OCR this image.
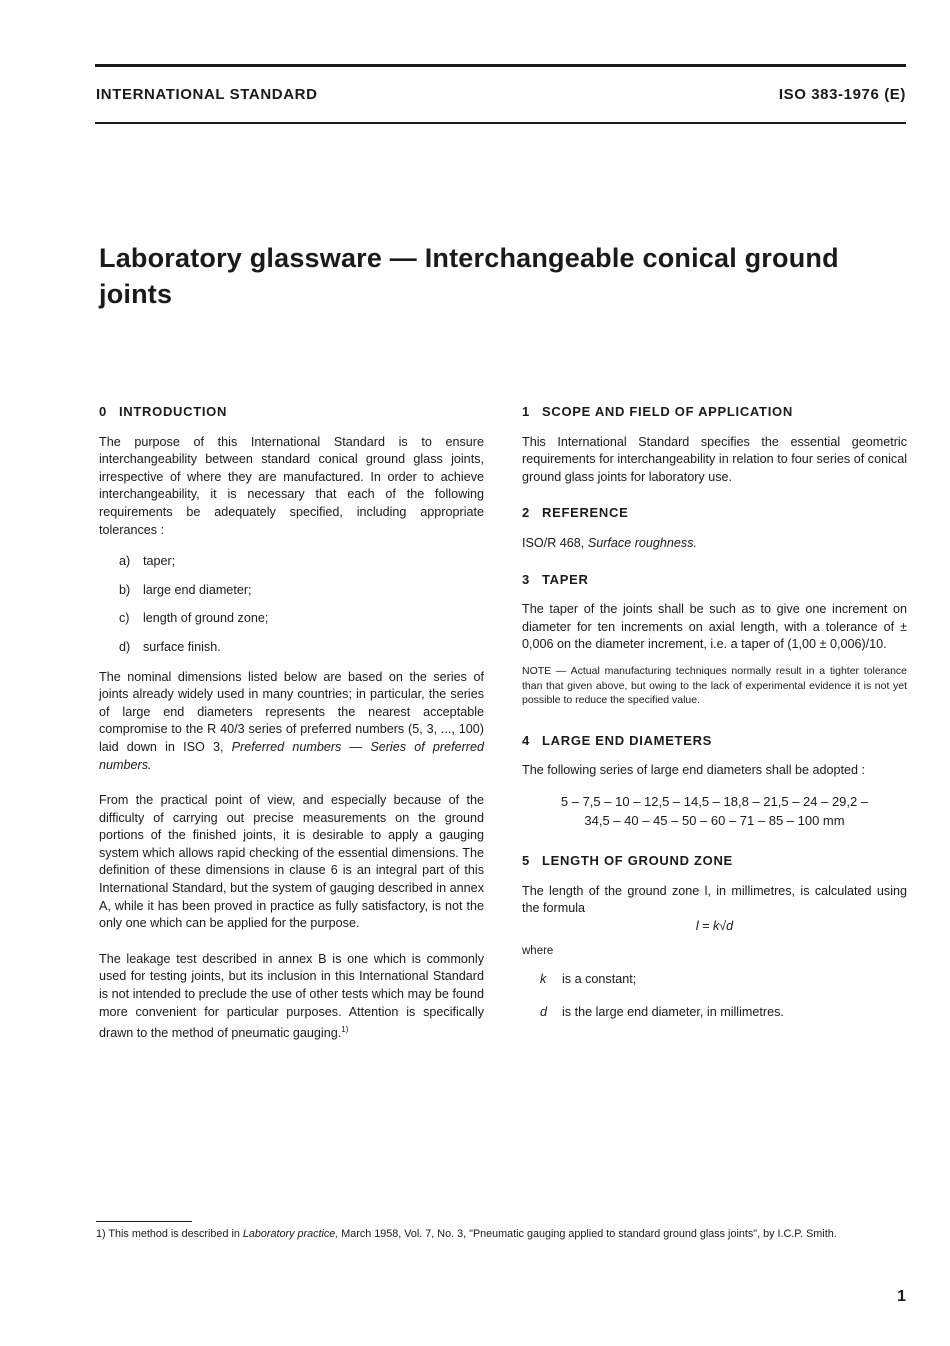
INTERNATIONAL STANDARD	ISO 383-1976 (E)
Laboratory glassware — Interchangeable conical ground joints
0 INTRODUCTION

The purpose of this International Standard is to ensure interchangeability between standard conical ground glass joints, irrespective of where they are manufactured. In order to achieve interchangeability, it is necessary that each of the following requirements be adequately specified, including appropriate tolerances :

a) taper;
b) large end diameter;
c) length of ground zone;
d) surface finish.

The nominal dimensions listed below are based on the series of joints already widely used in many countries; in particular, the series of large end diameters represents the nearest acceptable compromise to the R 40/3 series of preferred numbers (5, 3, ..., 100) laid down in ISO 3, Preferred numbers — Series of preferred numbers.

From the practical point of view, and especially because of the difficulty of carrying out precise measurements on the ground portions of the finished joints, it is desirable to apply a gauging system which allows rapid checking of the essential dimensions. The definition of these dimensions in clause 6 is an integral part of this International Standard, but the system of gauging described in annex A, while it has been proved in practice as fully satisfactory, is not the only one which can be applied for the purpose.

The leakage test described in annex B is one which is commonly used for testing joints, but its inclusion in this International Standard is not intended to preclude the use of other tests which may be found more convenient for particular purposes. Attention is specifically drawn to the method of pneumatic gauging.$^{1)}$

1 SCOPE AND FIELD OF APPLICATION

This International Standard specifies the essential geometric requirements for interchangeability in relation to four series of conical ground glass joints for laboratory use.

2 REFERENCE

ISO/R 468, Surface roughness.

3 TAPER

The taper of the joints shall be such as to give one increment on diameter for ten increments on axial length, with a tolerance of ± 0,006 on the diameter increment, i.e. a taper of (1,00 ± 0,006)/10.

NOTE — Actual manufacturing techniques normally result in a tighter tolerance than that given above, but owing to the lack of experimental evidence it is not yet possible to reduce the specified value.
4 LARGE END DIAMETERS

The following series of large end diameters shall be adopted :

5 – 7,5 – 10 – 12,5 – 14,5 – 18,8 – 21,5 – 24 – 29,2 –
34,5 – 40 – 45 – 50 – 60 – 71 – 85 – 100 mm
5 LENGTH OF GROUND ZONE

The length of the ground zone l, in millimetres, is calculated using the formula

l = k√d
where
k is a constant;
d is the large end diameter, in millimetres.
1) This method is described in Laboratory practice, March 1958, Vol. 7, No. 3, "Pneumatic gauging applied to standard ground glass joints", by I.C.P. Smith.
1
